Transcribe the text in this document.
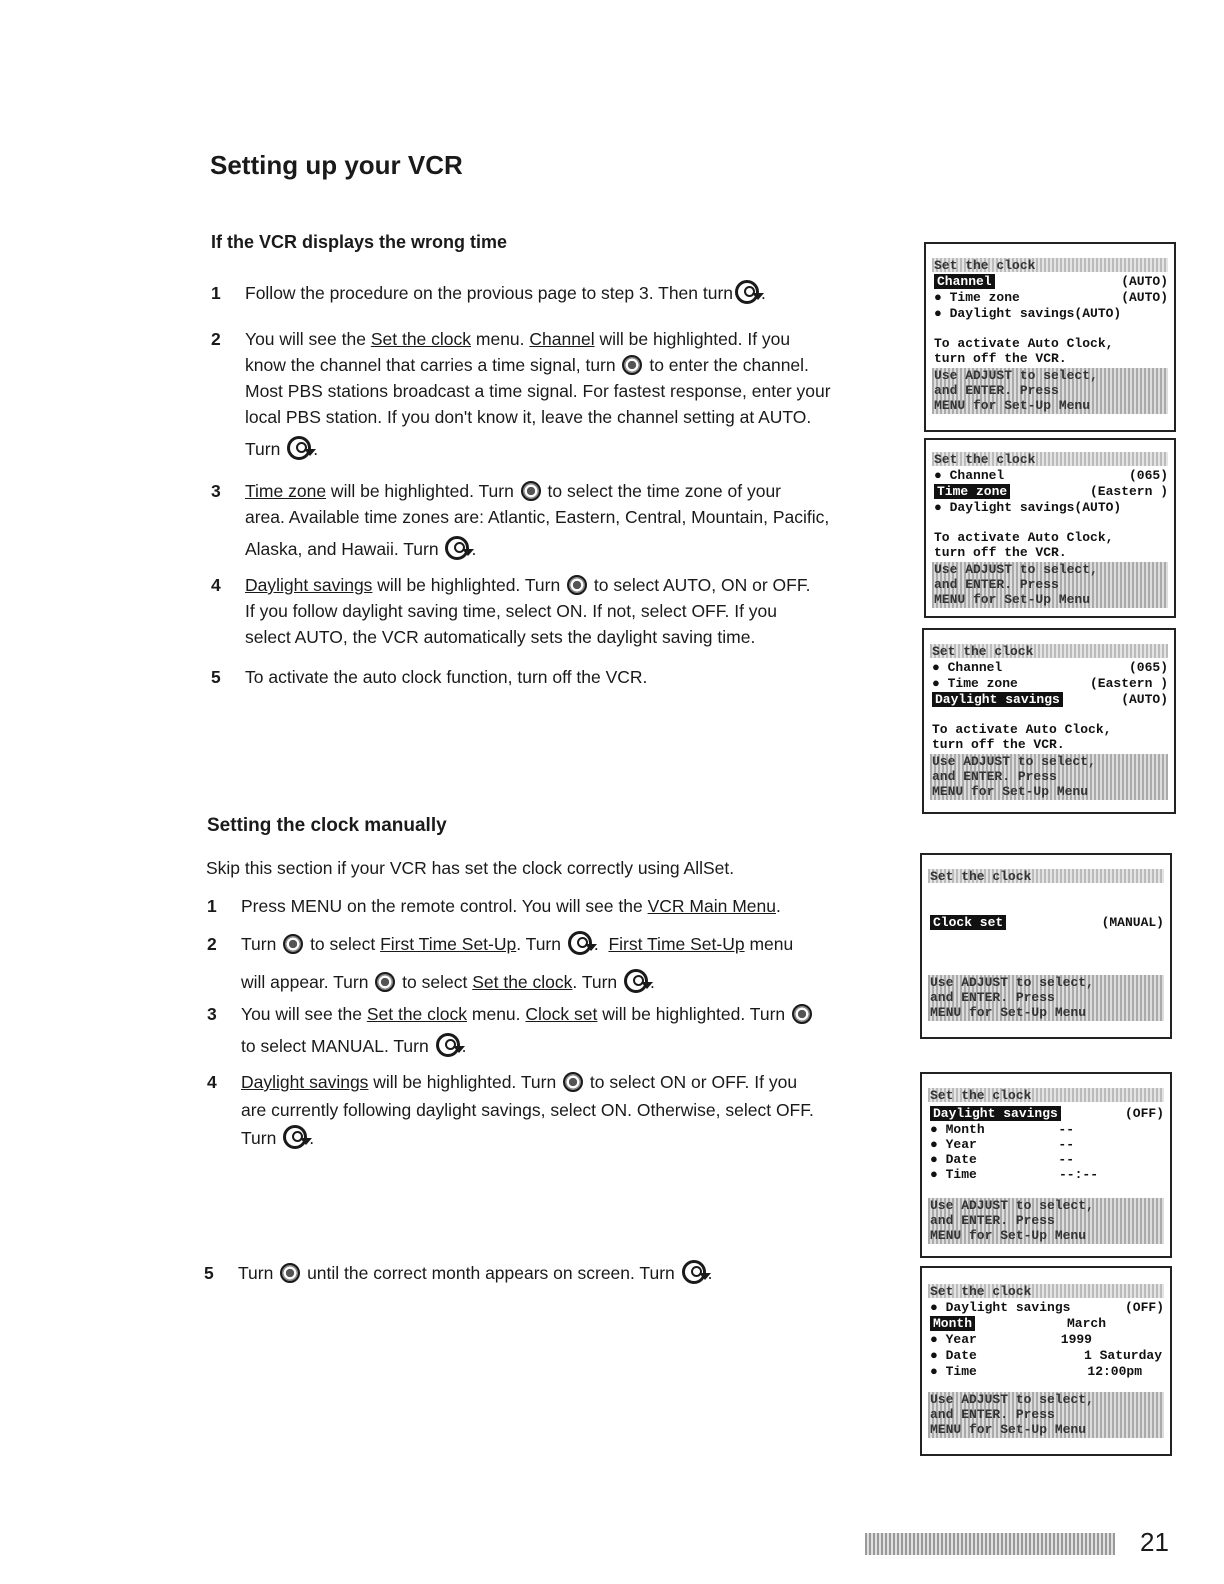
Setting up your VCR
If the VCR displays the wrong time
1 Follow the procedure on the provious page to step 3. Then turn .
2 You will see the Set the clock menu. Channel will be highlighted. If you
know the channel that carries a time signal, turn  to enter the channel.
Most PBS stations broadcast a time signal. For fastest response, enter your
local PBS station. If you don't know it, leave the channel setting at AUTO.
Turn .
3 Time zone will be highlighted. Turn  to select the time zone of your
area. Available time zones are: Atlantic, Eastern, Central, Mountain, Pacific,
Alaska, and Hawaii. Turn .
4 Daylight savings will be highlighted. Turn  to select AUTO, ON or OFF.
If you follow daylight saving time, select ON. If not, select OFF. If you
select AUTO, the VCR automatically sets the daylight saving time.
5 To activate the auto clock function, turn off the VCR.
Setting the clock manually
Skip this section if your VCR has set the clock correctly using AllSet.
1 Press MENU on the remote control. You will see the VCR Main Menu.
2 Turn  to select First Time Set-Up. Turn .  First Time Set-Up menu
will appear. Turn  to select Set the clock. Turn .
3 You will see the Set the clock menu. Clock set will be highlighted. Turn
to select MANUAL. Turn .
4 Daylight savings will be highlighted. Turn  to select ON or OFF. If you
are currently following daylight savings, select ON. Otherwise, select OFF.
Turn .
5 Turn  until the correct month appears on screen. Turn .
Set the clock
Channel	(AUTO)
● Time zone	(AUTO)
● Daylight savings(AUTO)
To activate Auto Clock,
turn off the VCR.
Use ADJUST to select,
and ENTER. Press
MENU for Set-Up Menu
Set the clock
● Channel	(065)
Time zone	(Eastern )
● Daylight savings(AUTO)
To activate Auto Clock,
turn off the VCR.
Use ADJUST to select,
and ENTER. Press
MENU for Set-Up Menu
Set the clock
● Channel	(065)
● Time zone	(Eastern )
Daylight savings	(AUTO)
To activate Auto Clock,
turn off the VCR.
Use ADJUST to select,
and ENTER. Press
MENU for Set-Up Menu
Set the clock
Clock set	(MANUAL)
Use ADJUST to select,
and ENTER. Press
MENU for Set-Up Menu
Set the clock
Daylight savings	(OFF)
● Month	--
● Year	--
● Date	--
● Time	--:--
Use ADJUST to select,
and ENTER. Press
MENU for Set-Up Menu
Set the clock
● Daylight savings	(OFF)
Month	March
● Year	1999
● Date	1 Saturday
● Time	12:00pm
Use ADJUST to select,
and ENTER. Press
MENU for Set-Up Menu
21
